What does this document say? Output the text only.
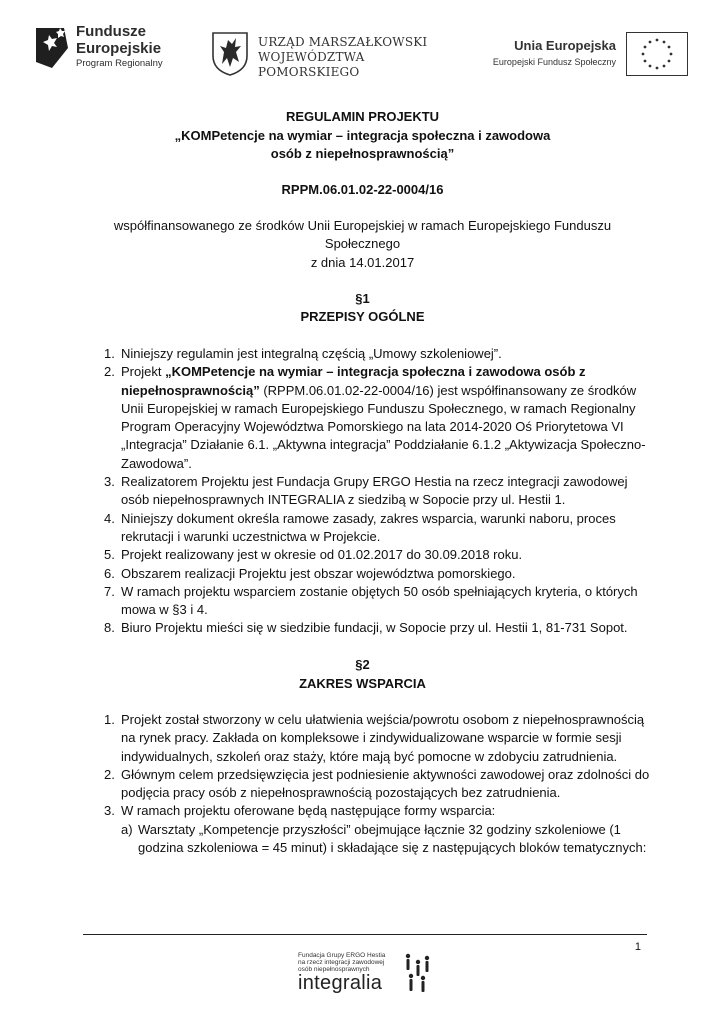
Fundusze
Europejskie
Program Regionalny
URZĄD MARSZAŁKOWSKI
WOJEWÓDZTWA POMORSKIEGO
Unia Europejska
Europejski Fundusz Społeczny
REGULAMIN PROJEKTU
„KOMPetencje na wymiar – integracja społeczna i zawodowa
osób z niepełnosprawnością”
RPPM.06.01.02-22-0004/16
współfinansowanego ze środków Unii Europejskiej w ramach Europejskiego Funduszu
Społecznego
z dnia 14.01.2017
§1
PRZEPISY OGÓLNE
1. Niniejszy regulamin jest integralną częścią „Umowy szkoleniowej”.
2. Projekt „KOMPetencje na wymiar – integracja społeczna i zawodowa osób z niepełnosprawnością” (RPPM.06.01.02-22-0004/16) jest współfinansowany ze środków Unii Europejskiej w ramach Europejskiego Funduszu Społecznego, w ramach Regionalny Program Operacyjny Województwa Pomorskiego na lata 2014-2020 Oś Priorytetowa VI „Integracja” Działanie 6.1. „Aktywna integracja” Poddziałanie 6.1.2 „Aktywizacja Społeczno- Zawodowa”.
3. Realizatorem Projektu jest Fundacja Grupy ERGO Hestia na rzecz integracji zawodowej osób niepełnosprawnych INTEGRALIA z siedzibą w Sopocie przy ul. Hestii 1.
4. Niniejszy dokument określa ramowe zasady, zakres wsparcia, warunki naboru, proces rekrutacji i warunki uczestnictwa w Projekcie.
5. Projekt realizowany jest w okresie od 01.02.2017 do 30.09.2018 roku.
6. Obszarem realizacji Projektu jest obszar województwa pomorskiego.
7. W ramach projektu wsparciem zostanie objętych 50 osób spełniających kryteria, o których mowa w §3 i 4.
8. Biuro Projektu mieści się w siedzibie fundacji, w Sopocie przy ul. Hestii 1, 81-731 Sopot.
§2
ZAKRES WSPARCIA
1. Projekt został stworzony w celu ułatwienia wejścia/powrotu osobom z niepełnosprawnością na rynek pracy. Zakłada on kompleksowe i zindywidualizowane wsparcie w formie sesji indywidualnych, szkoleń oraz staży, które mają być pomocne w zdobyciu zatrudnienia.
2. Głównym celem przedsięwzięcia jest podniesienie aktywności zawodowej oraz zdolności do podjęcia pracy osób z niepełnosprawnością pozostających bez zatrudnienia.
3. W ramach projektu oferowane będą następujące formy wsparcia:
a) Warsztaty „Kompetencje przyszłości” obejmujące łącznie 32 godziny szkoleniowe (1 godzina szkoleniowa = 45 minut) i składające się z następujących bloków tematycznych:
1
Fundacja Grupy ERGO Hestia
na rzecz integracji zawodowej
osób niepełnosprawnych
integralia
